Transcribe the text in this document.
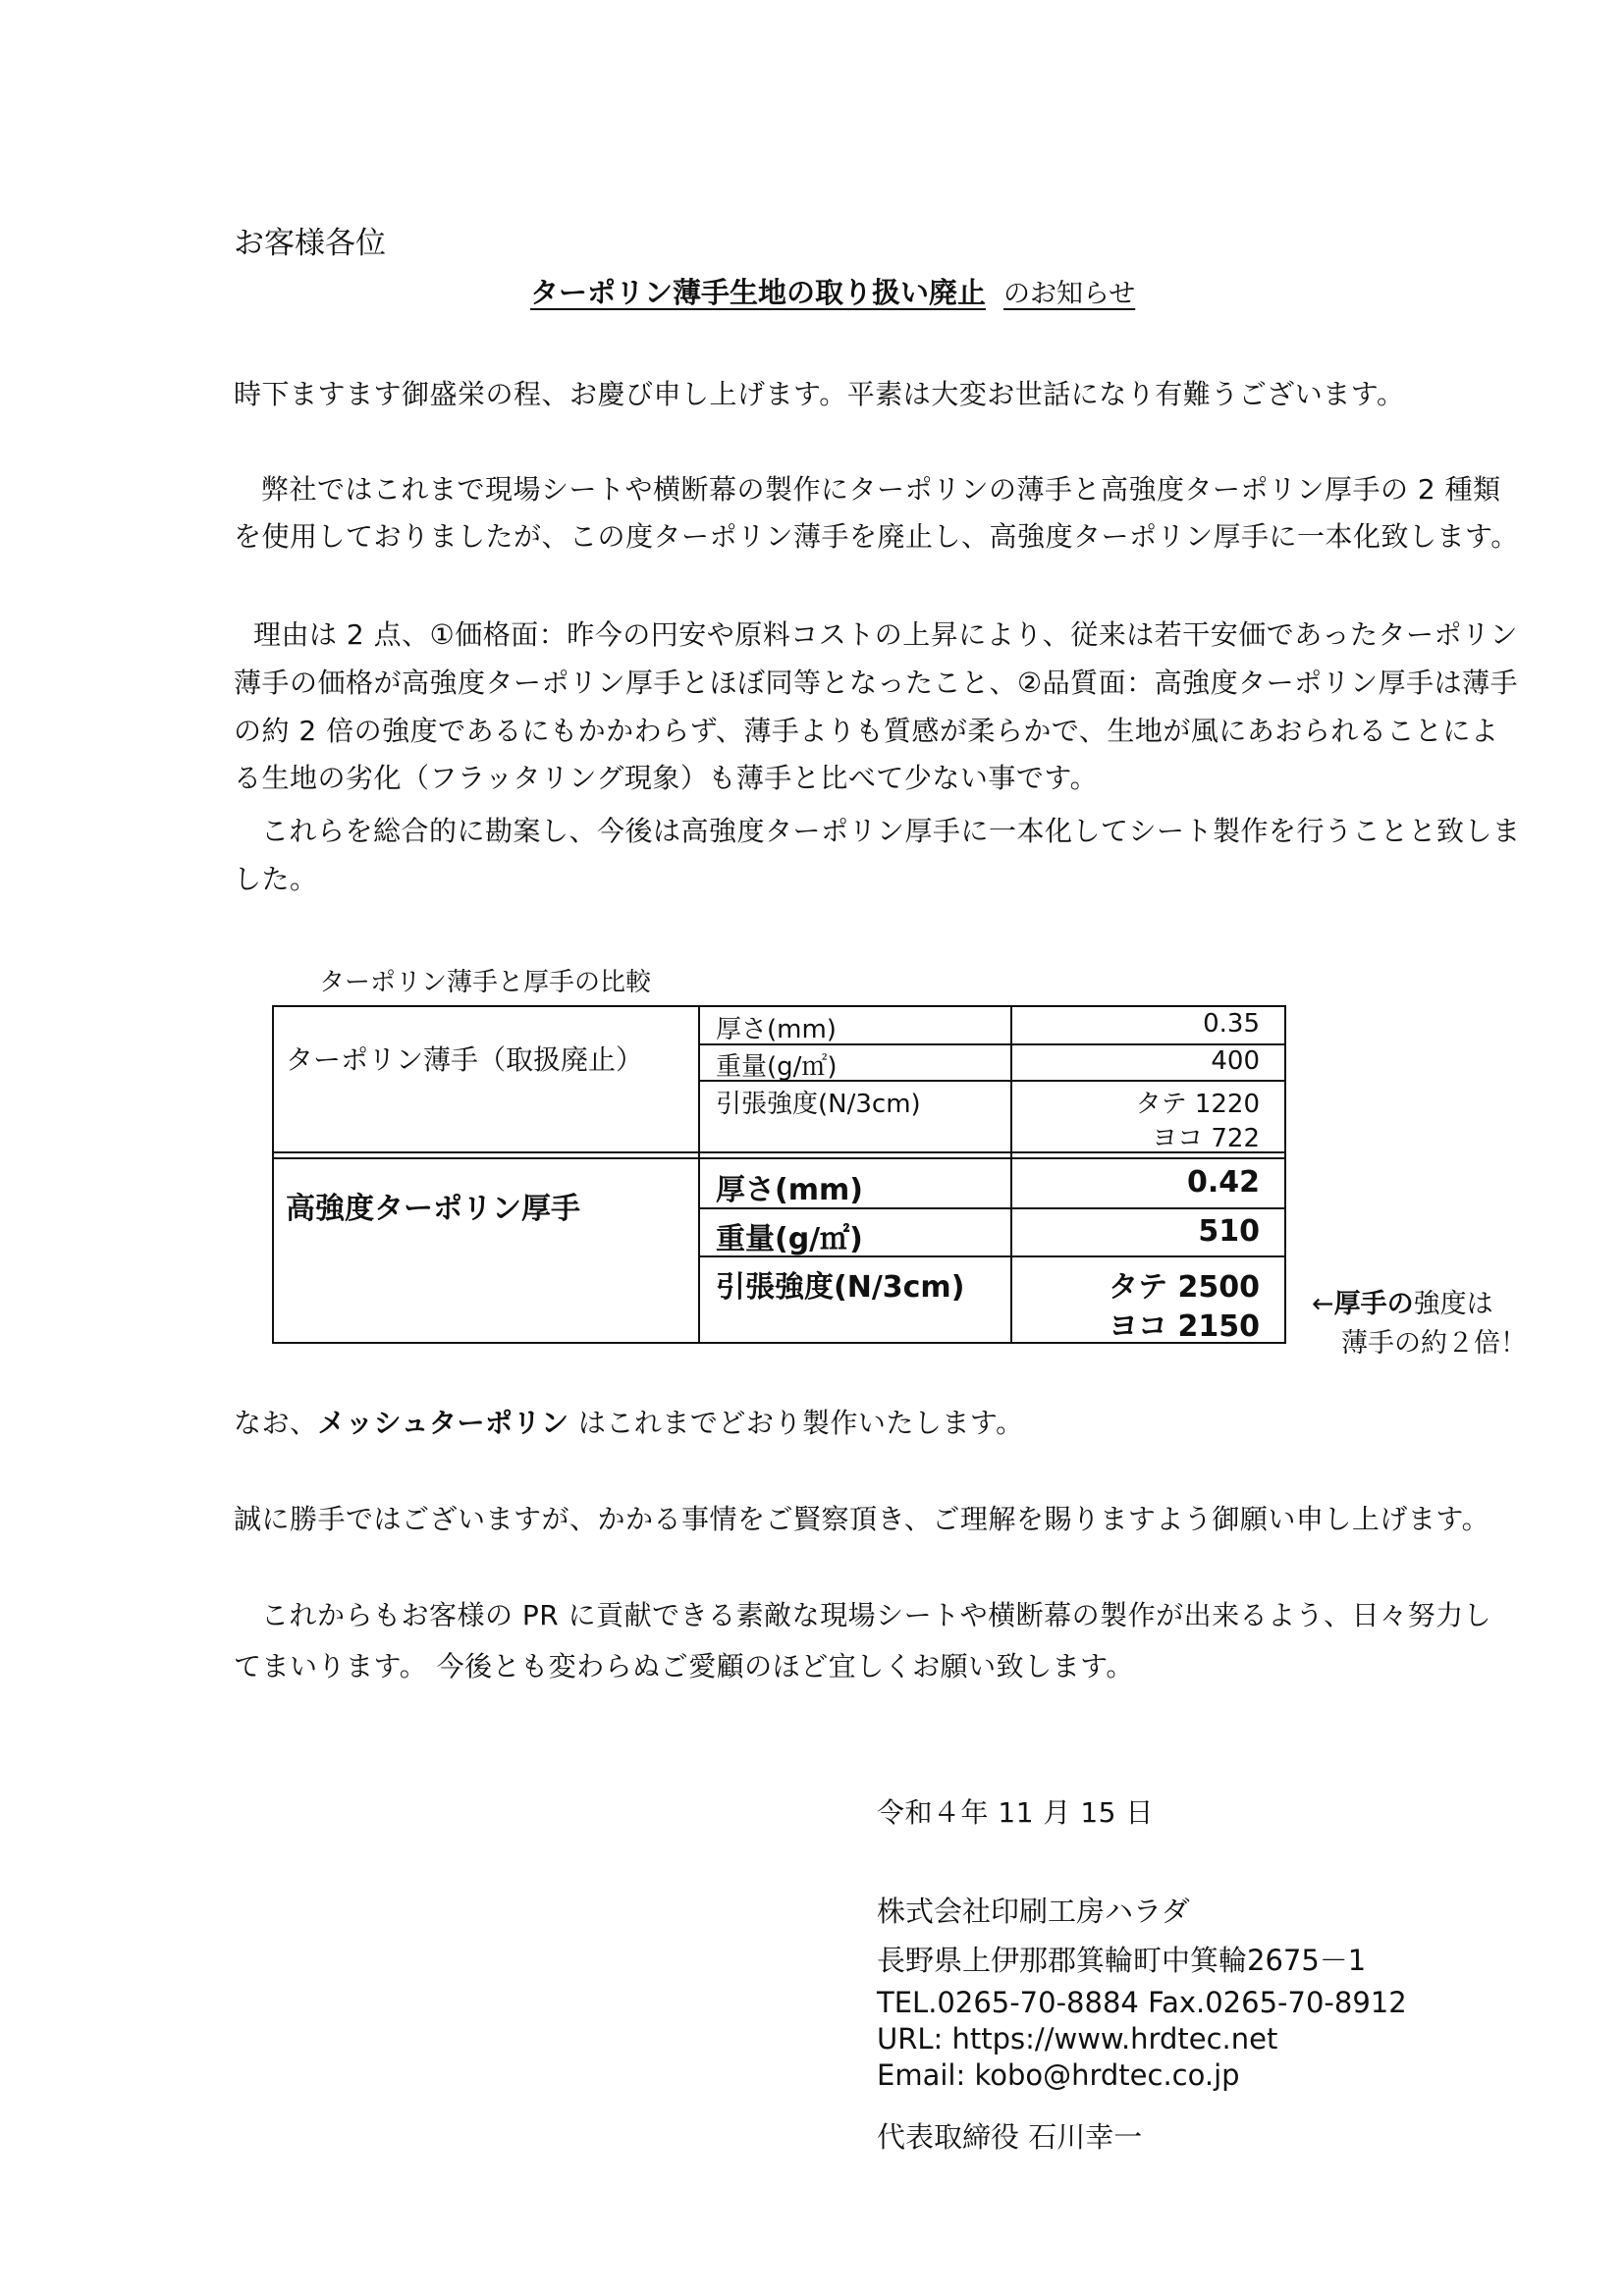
お客様各位
ターポリン薄手生地の取り扱い廃止 のお知らせ
時下ますます御盛栄の程、お慶び申し上げます。平素は大変お世話になり有難うございます。
弊社ではこれまで現場シートや横断幕の製作にターポリンの薄手と高強度ターポリン厚手の 2 種類
を使用しておりましたが、この度ターポリン薄手を廃止し、高強度ターポリン厚手に一本化致します。
理由は 2 点、①価格面：昨今の円安や原料コストの上昇により、従来は若干安価であったターポリン
薄手の価格が高強度ターポリン厚手とほぼ同等となったこと、②品質面：高強度ターポリン厚手は薄手
の約 2 倍の強度であるにもかかわらず、薄手よりも質感が柔らかで、生地が風にあおられることによ
る生地の劣化（フラッタリング現象）も薄手と比べて少ない事です。
これらを総合的に勘案し、今後は高強度ターポリン厚手に一本化してシート製作を行うことと致しま
した。
ターポリン薄手と厚手の比較
ターポリン薄手（取扱廃止）
厚さ(mm)	0.35
重量(g/㎡)	400
引張強度(N/3cm)	タテ 1220
ヨコ 722
高強度ターポリン厚手
厚さ(mm)	0.42
重量(g/㎡)	510
引張強度(N/3cm)	タテ 2500
ヨコ 2150
←厚手の強度は
薄手の約２倍！
なお、メッシュターポリン はこれまでどおり製作いたします。
誠に勝手ではございますが、かかる事情をご賢察頂き、ご理解を賜りますよう御願い申し上げます。
これからもお客様の PR に貢献できる素敵な現場シートや横断幕の製作が出来るよう、日々努力し
てまいります。 今後とも変わらぬご愛顧のほど宜しくお願い致します。
令和４年 11 月 15 日
株式会社印刷工房ハラダ
長野県上伊那郡箕輪町中箕輪2675－1
TEL.0265-70-8884 Fax.0265-70-8912
URL: https://www.hrdtec.net
Email: kobo@hrdtec.co.jp
代表取締役 石川幸一
